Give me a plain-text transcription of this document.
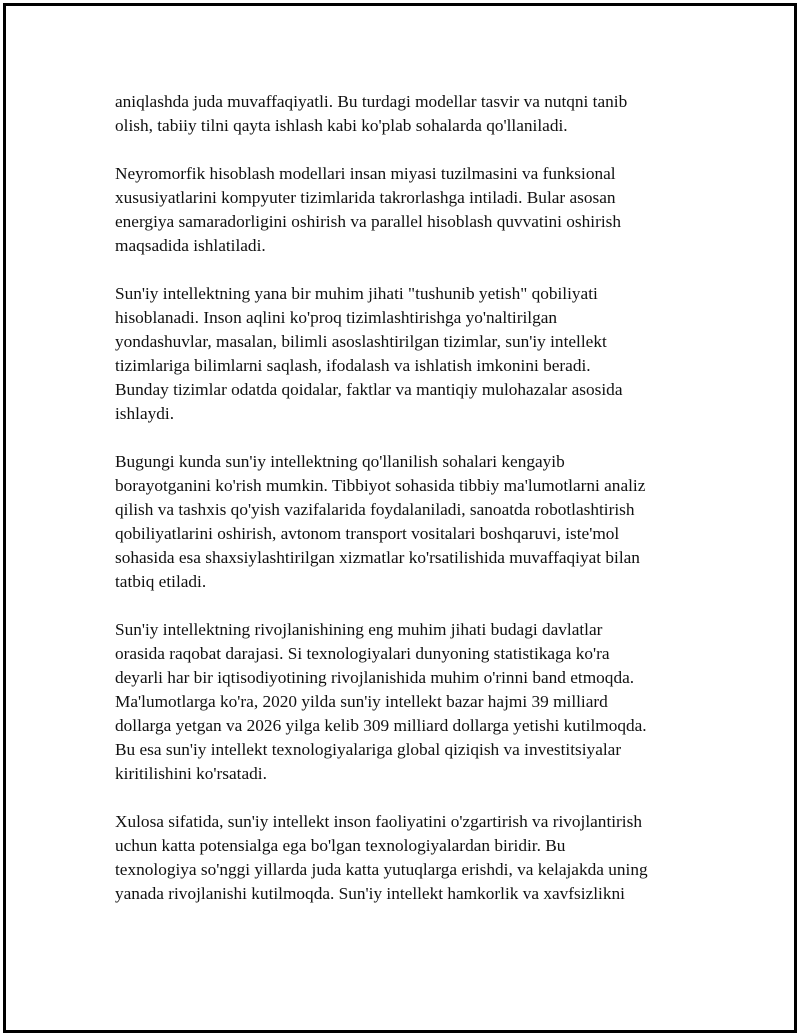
aniqlashda juda muvaffaqiyatli. Bu turdagi modellar tasvir va nutqni tanib
olish, tabiiy tilni qayta ishlash kabi ko'plab sohalarda qo'llaniladi.

Neyromorfik hisoblash modellari insan miyasi tuzilmasini va funksional
xususiyatlarini kompyuter tizimlarida takrorlashga intiladi. Bular asosan
energiya samaradorligini oshirish va parallel hisoblash quvvatini oshirish
maqsadida ishlatiladi.

Sun'iy intellektning yana bir muhim jihati "tushunib yetish" qobiliyati
hisoblanadi. Inson aqlini ko'proq tizimlashtirishga yo'naltirilgan
yondashuvlar, masalan, bilimli asoslashtirilgan tizimlar, sun'iy intellekt
tizimlariga bilimlarni saqlash, ifodalash va ishlatish imkonini beradi.
Bunday tizimlar odatda qoidalar, faktlar va mantiqiy mulohazalar asosida
ishlaydi.

Bugungi kunda sun'iy intellektning qo'llanilish sohalari kengayib
borayotganini ko'rish mumkin. Tibbiyot sohasida tibbiy ma'lumotlarni analiz
qilish va tashxis qo'yish vazifalarida foydalaniladi, sanoatda robotlashtirish
qobiliyatlarini oshirish, avtonom transport vositalari boshqaruvi, iste'mol
sohasida esa shaxsiylashtirilgan xizmatlar ko'rsatilishida muvaffaqiyat bilan
tatbiq etiladi.

Sun'iy intellektning rivojlanishining eng muhim jihati budagi davlatlar
orasida raqobat darajasi. Si texnologiyalari dunyoning statistikaga ko'ra
deyarli har bir iqtisodiyotining rivojlanishida muhim o'rinni band etmoqda.
Ma'lumotlarga ko'ra, 2020 yilda sun'iy intellekt bazar hajmi 39 milliard
dollarga yetgan va 2026 yilga kelib 309 milliard dollarga yetishi kutilmoqda.
Bu esa sun'iy intellekt texnologiyalariga global qiziqish va investitsiyalar
kiritilishini ko'rsatadi.

Xulosa sifatida, sun'iy intellekt inson faoliyatini o'zgartirish va rivojlantirish
uchun katta potensialga ega bo'lgan texnologiyalardan biridir. Bu
texnologiya so'nggi yillarda juda katta yutuqlarga erishdi, va kelajakda uning
yanada rivojlanishi kutilmoqda. Sun'iy intellekt hamkorlik va xavfsizlikni
